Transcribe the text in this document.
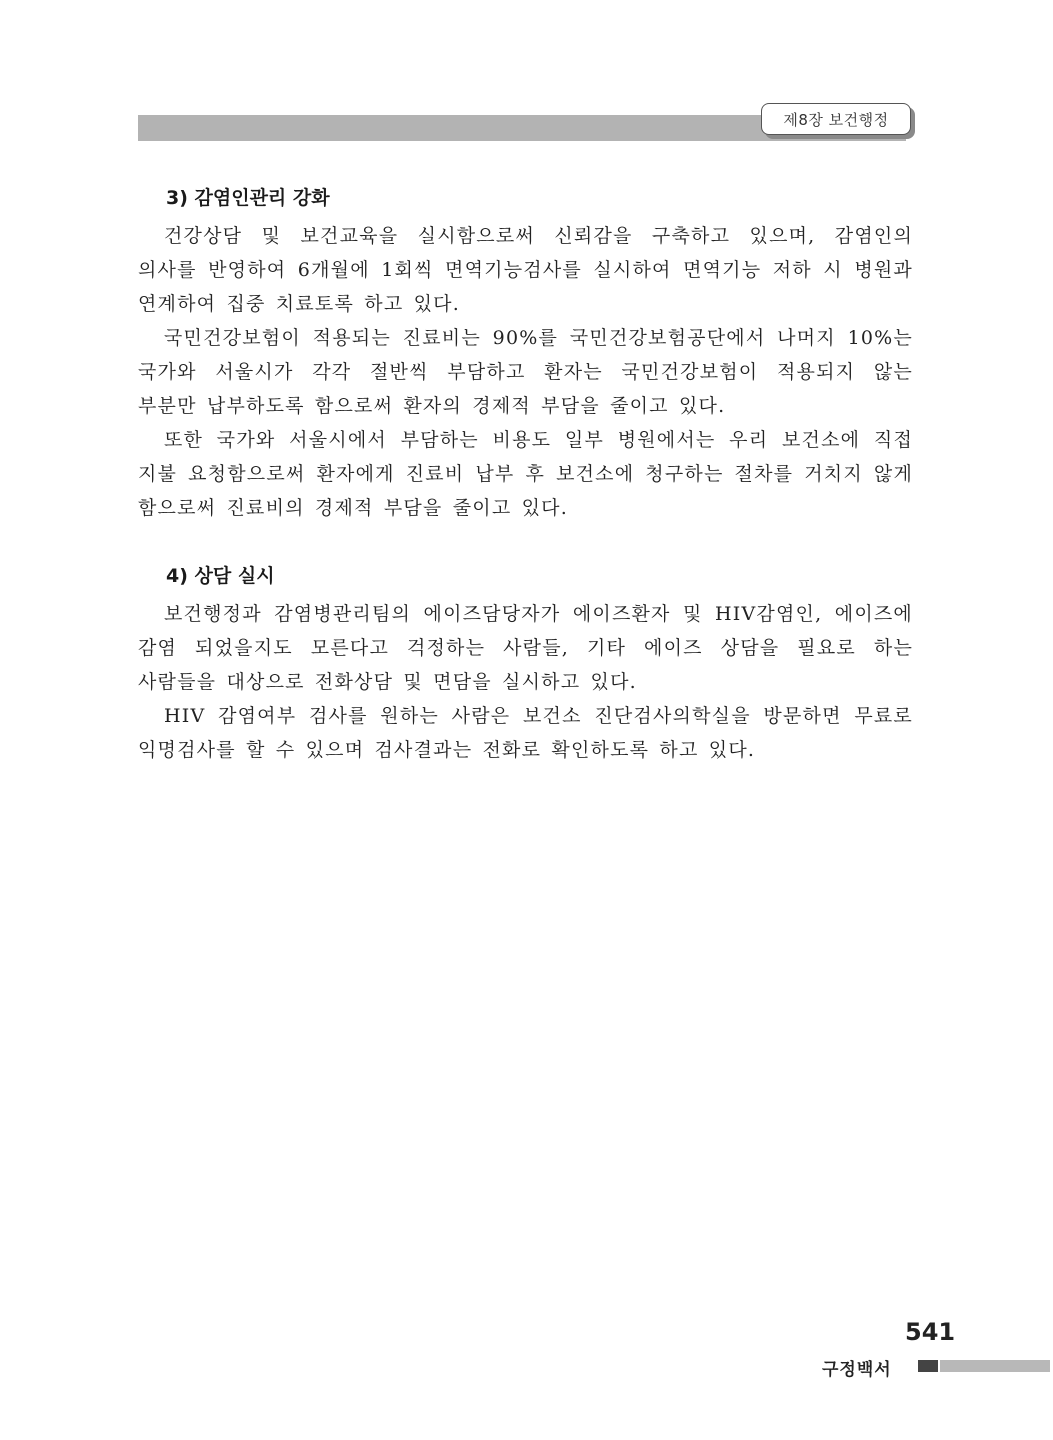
제8장 보건행정
3) 감염인관리 강화

건강상담 및 보건교육을 실시함으로써 신뢰감을 구축하고 있으며, 감염인의 의사를 반영하여 6개월에 1회씩 면역기능검사를 실시하여 면역기능 저하 시 병원과 연계하여 집중 치료토록 하고 있다.

국민건강보험이 적용되는 진료비는 90%를 국민건강보험공단에서 나머지 10%는 국가와 서울시가 각각 절반씩 부담하고 환자는 국민건강보험이 적용되지 않는 부분만 납부하도록 함으로써 환자의 경제적 부담을 줄이고 있다.

또한 국가와 서울시에서 부담하는 비용도 일부 병원에서는 우리 보건소에 직접 지불 요청함으로써 환자에게 진료비 납부 후 보건소에 청구하는 절차를 거치지 않게 함으로써 진료비의 경제적 부담을 줄이고 있다.

4) 상담 실시

보건행정과 감염병관리팀의 에이즈담당자가 에이즈환자 및 HIV감염인, 에이즈에 감염 되었을지도 모른다고 걱정하는 사람들, 기타 에이즈 상담을 필요로 하는 사람들을 대상으로 전화상담 및 면담을 실시하고 있다.

HIV 감염여부 검사를 원하는 사람은 보건소 진단검사의학실을 방문하면 무료로 익명검사를 할 수 있으며 검사결과는 전화로 확인하도록 하고 있다.

541
구정백서
